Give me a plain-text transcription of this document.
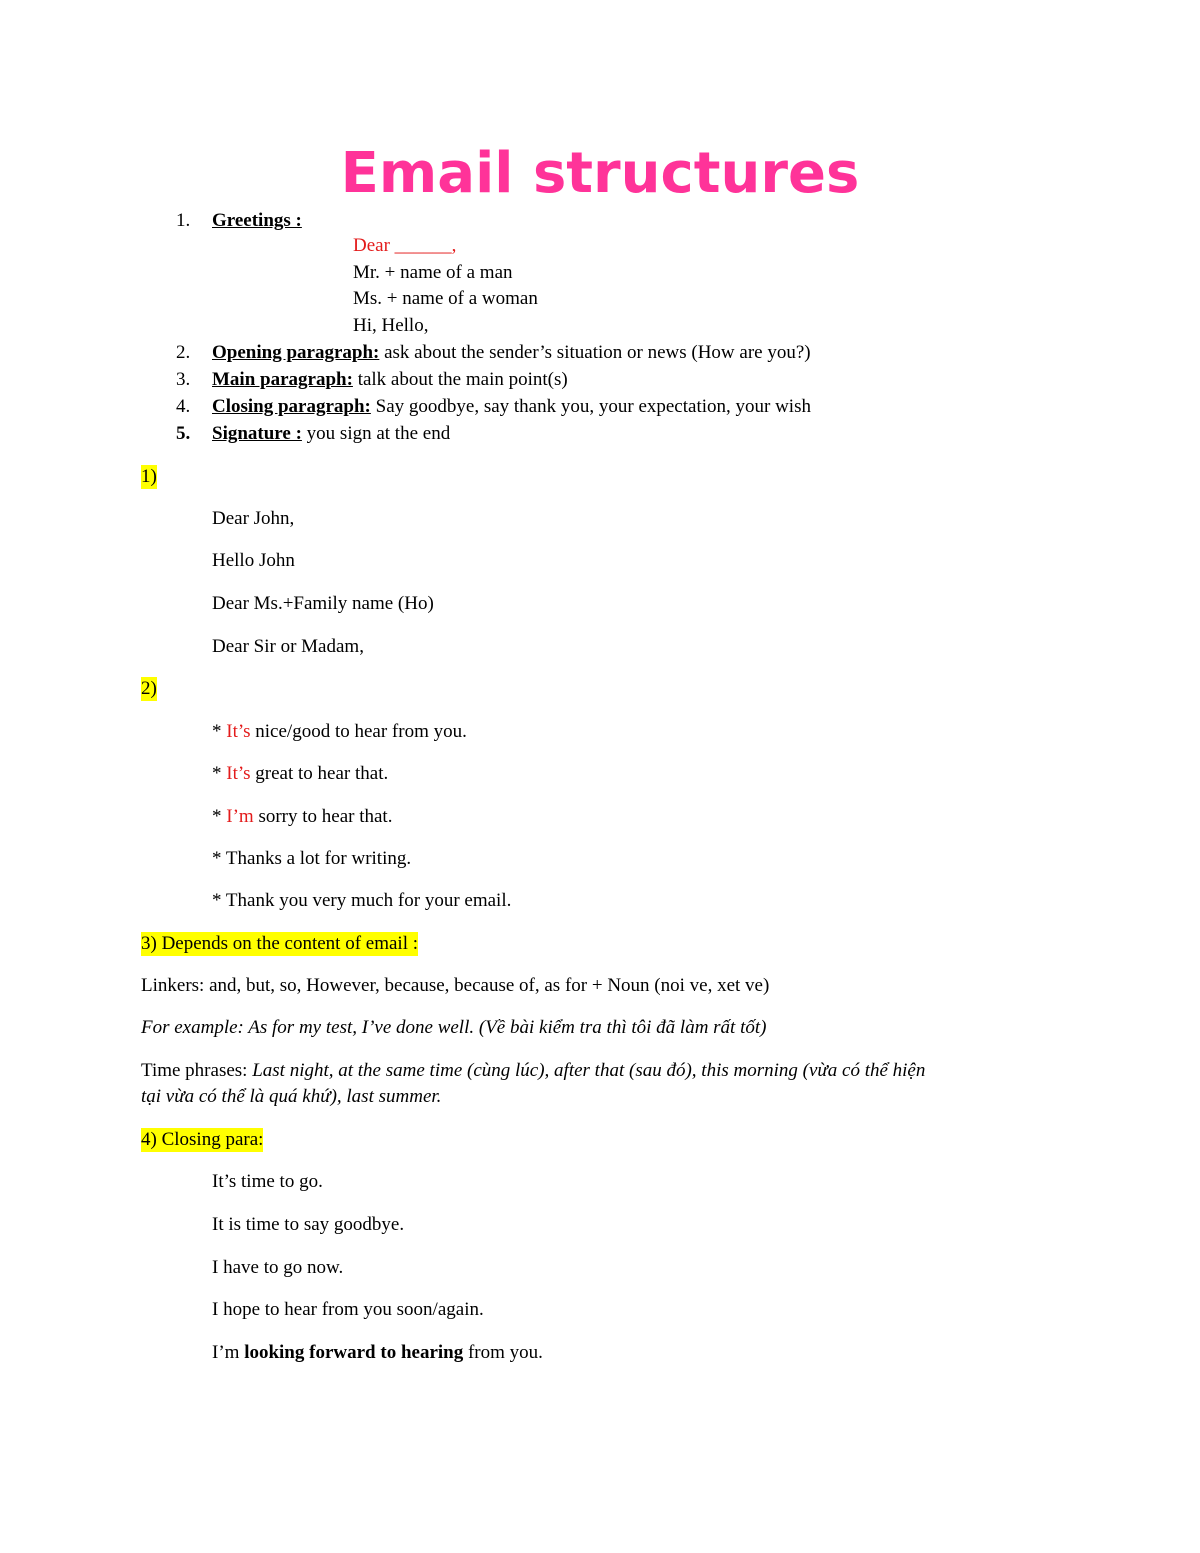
Email structures
1. Greetings :
Dear ______,
Mr. + name of a man
Ms. + name of a woman
Hi, Hello,
2. Opening paragraph: ask about the sender’s situation or news (How are you?)
3. Main paragraph: talk about the main point(s)
4. Closing paragraph: Say goodbye, say thank you, your expectation, your wish
5. Signature : you sign at the end
1)
Dear John,
Hello John
Dear Ms.+Family name (Ho)
Dear Sir or Madam,
2)
* It’s nice/good to hear from you.
* It’s great to hear that.
* I’m sorry to hear that.
* Thanks a lot for writing.
* Thank you very much for your email.
3) Depends on the content of email :
Linkers: and, but, so, However, because, because of, as for + Noun (noi ve, xet ve)
For example: As for my test, I’ve done well. (Về bài kiểm tra thì tôi đã làm rất tốt)
Time phrases: Last night, at the same time (cùng lúc), after that (sau đó), this morning (vừa có thể hiện
tại vừa có thể là quá khứ), last summer.
4) Closing para:
It’s time to go.
It is time to say goodbye.
I have to go now.
I hope to hear from you soon/again.
I’m looking forward to hearing from you.
